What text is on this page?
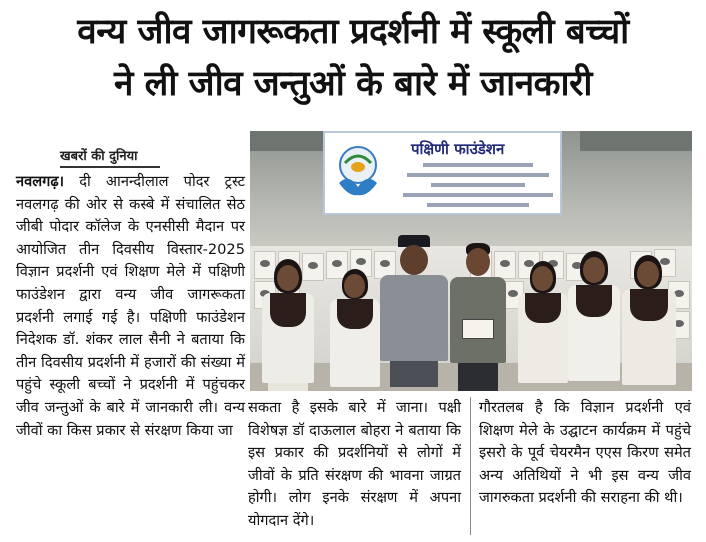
वन्य जीव जागरूकता प्रदर्शनी में स्कूली बच्चों
ने ली जीव जन्तुओं के बारे में जानकारी
खबरों की दुनिया

नवलगढ़। दी आनन्दीलाल पोदर ट्रस्ट नवलगढ़ की ओर से कस्बे में संचालित सेठ जीबी पोदार कॉलेज के एनसीसी मैदान पर आयोजित तीन दिवसीय विस्तार-2025 विज्ञान प्रदर्शनी एवं शिक्षण मेले में पक्षिणी फाउंडेशन द्वारा वन्य जीव जागरूकता प्रदर्शनी लगाई गई है। पक्षिणी फाउंडेशन निदेशक डॉ. शंकर लाल सैनी ने बताया कि तीन दिवसीय प्रदर्शनी में हजारों की संख्या में पहुंचे स्कूली बच्चों ने प्रदर्शनी में पहुंचकर जीव जन्तुओं के बारे में जानकारी ली। वन्य जीवों का किस प्रकार से संरक्षण किया जा

पक्षिणी फाउंडेशन

सकता है इसके बारे में जाना। पक्षी विशेषज्ञ डॉ दाऊलाल बोहरा ने बताया कि इस प्रकार की प्रदर्शनियों से लोगों में जीवों के प्रति संरक्षण की भावना जाग्रत होगी। लोग इनके संरक्षण में अपना योगदान देंगे।

गौरतलब है कि विज्ञान प्रदर्शनी एवं शिक्षण मेले के उद्घाटन कार्यक्रम में पहुंचे इसरो के पूर्व चेयरमैन एएस किरण समेत अन्य अतिथियों ने भी इस वन्य जीव जागरुकता प्रदर्शनी की सराहना की थी।
